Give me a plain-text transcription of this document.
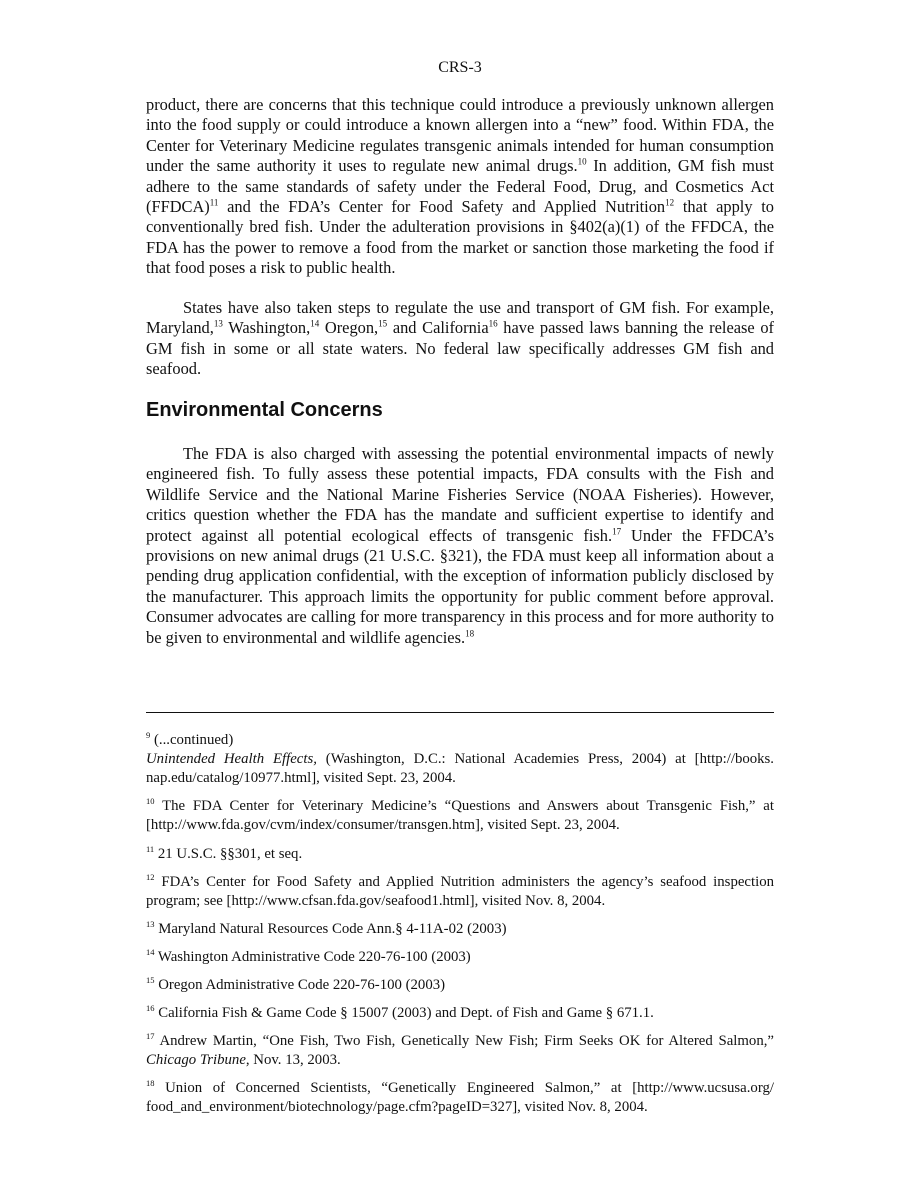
CRS-3
product, there are concerns that this technique could introduce a previously unknown allergen into the food supply or could introduce a known allergen into a “new” food. Within FDA, the Center for Veterinary Medicine regulates transgenic animals intended for human consumption under the same authority it uses to regulate new animal drugs.$^{10}$ In addition, GM fish must adhere to the same standards of safety under the Federal Food, Drug, and Cosmetics Act (FFDCA)$^{11}$ and the FDA’s Center for Food Safety and Applied Nutrition$^{12}$ that apply to conventionally bred fish. Under the adulteration provisions in §402(a)(1) of the FFDCA, the FDA has the power to remove a food from the market or sanction those marketing the food if that food poses a risk to public health.
States have also taken steps to regulate the use and transport of GM fish. For example, Maryland,$^{13}$ Washington,$^{14}$ Oregon,$^{15}$ and California$^{16}$ have passed laws banning the release of GM fish in some or all state waters. No federal law specifically addresses GM fish and seafood.
Environmental Concerns
The FDA is also charged with assessing the potential environmental impacts of newly engineered fish. To fully assess these potential impacts, FDA consults with the Fish and Wildlife Service and the National Marine Fisheries Service (NOAA Fisheries). However, critics question whether the FDA has the mandate and sufficient expertise to identify and protect against all potential ecological effects of transgenic fish.$^{17}$ Under the FFDCA’s provisions on new animal drugs (21 U.S.C. §321), the FDA must keep all information about a pending drug application confidential, with the exception of information publicly disclosed by the manufacturer. This approach limits the opportunity for public comment before approval. Consumer advocates are calling for more transparency in this process and for more authority to be given to environmental and wildlife agencies.$^{18}$
$^9$ (...continued)
Unintended Health Effects, (Washington, D.C.: National Academies Press, 2004) at [http://books. nap.edu/catalog/10977.html], visited Sept. 23, 2004.
$^{10}$ The FDA Center for Veterinary Medicine’s “Questions and Answers about Transgenic Fish,” at [http://www.fda.gov/cvm/index/consumer/transgen.htm], visited Sept. 23, 2004.
$^{11}$ 21 U.S.C. §§301, et seq.
$^{12}$ FDA’s Center for Food Safety and Applied Nutrition administers the agency’s seafood inspection program; see [http://www.cfsan.fda.gov/seafood1.html], visited Nov. 8, 2004.
$^{13}$ Maryland Natural Resources Code Ann.§ 4-11A-02 (2003)
$^{14}$ Washington Administrative Code 220-76-100 (2003)
$^{15}$ Oregon Administrative Code 220-76-100 (2003)
$^{16}$ California Fish & Game Code § 15007 (2003) and Dept. of Fish and Game § 671.1.
$^{17}$ Andrew Martin, “One Fish, Two Fish, Genetically New Fish; Firm Seeks OK for Altered Salmon,” Chicago Tribune, Nov. 13, 2003.
$^{18}$ Union of Concerned Scientists, “Genetically Engineered Salmon,” at [http://www.ucsusa.org/ food_and_environment/biotechnology/page.cfm?pageID=327], visited Nov. 8, 2004.
